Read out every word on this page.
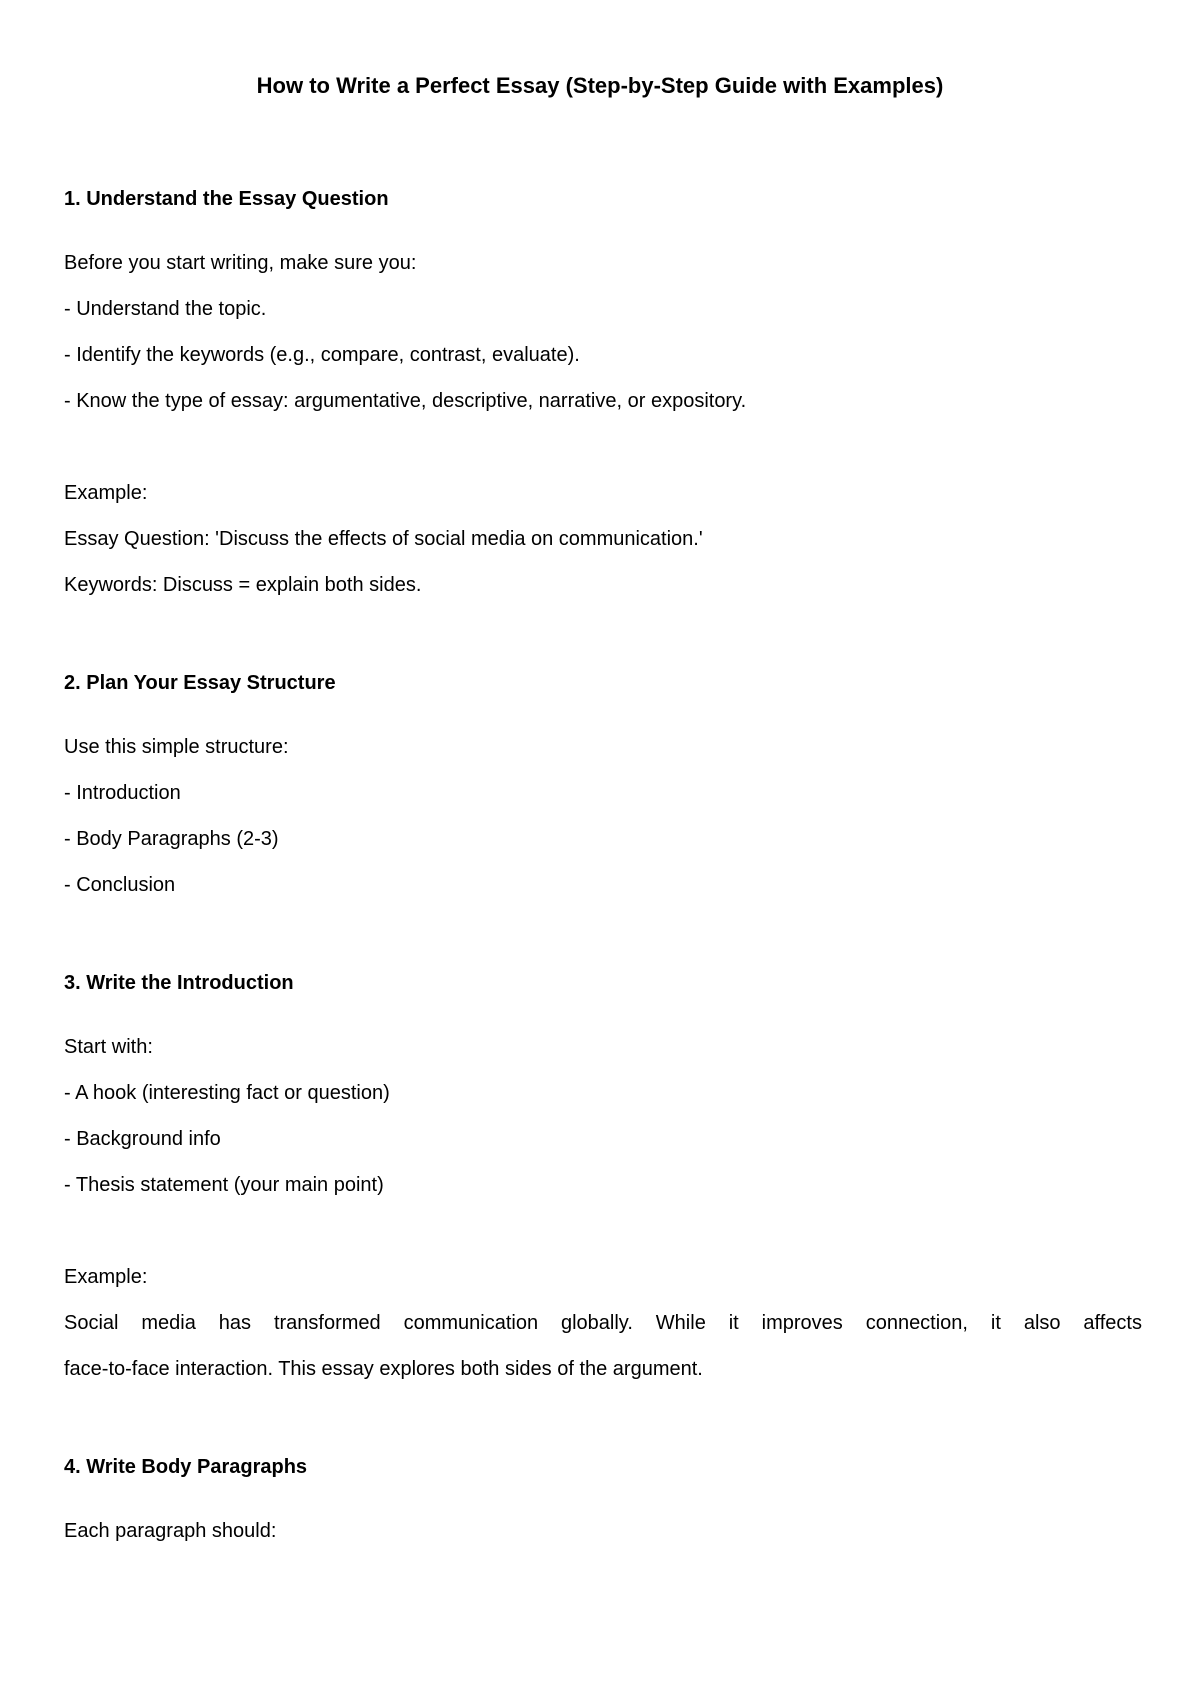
How to Write a Perfect Essay (Step-by-Step Guide with Examples)

1. Understand the Essay Question

Before you start writing, make sure you:

- Understand the topic.

- Identify the keywords (e.g., compare, contrast, evaluate).

- Know the type of essay: argumentative, descriptive, narrative, or expository.

Example:

Essay Question: 'Discuss the effects of social media on communication.'

Keywords: Discuss = explain both sides.

2. Plan Your Essay Structure

Use this simple structure:

- Introduction

- Body Paragraphs (2-3)

- Conclusion

3. Write the Introduction

Start with:

- A hook (interesting fact or question)

- Background info

- Thesis statement (your main point)

Example:

Social media has transformed communication globally. While it improves connection, it also affects

face-to-face interaction. This essay explores both sides of the argument.

4. Write Body Paragraphs

Each paragraph should:
